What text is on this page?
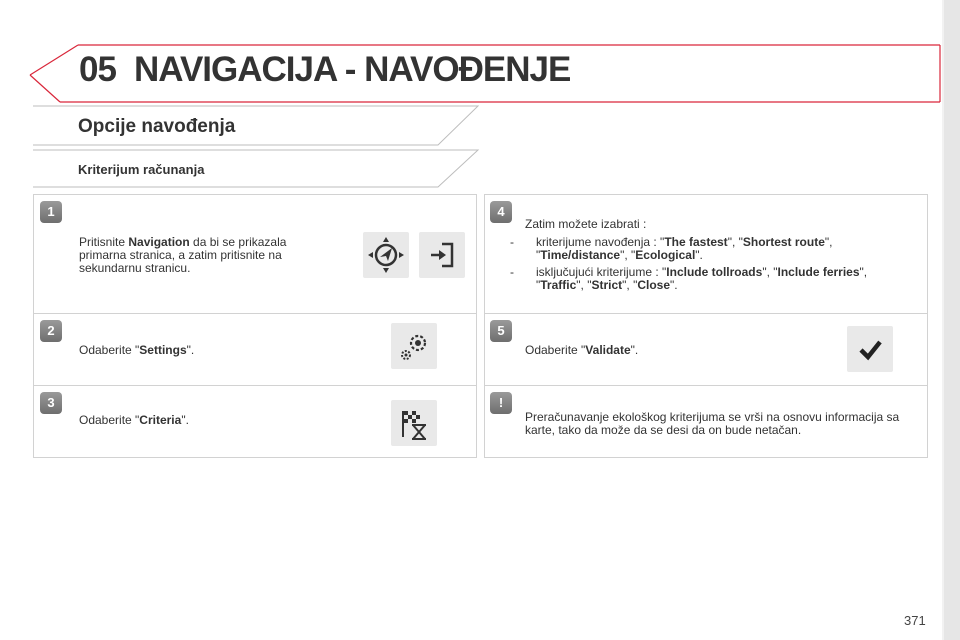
05 NAVIGACIJA - NAVOĐENJE
Opcije navođenja
Kriterijum računanja
1
Pritisnite Navigation da bi se prikazala primarna stranica, a zatim pritisnite na sekundarnu stranicu.
2
Odaberite "Settings".
3
Odaberite "Criteria".
4
Zatim možete izabrati :
- kriterijume navođenja : "The fastest", "Shortest route", "Time/distance", "Ecological".
- isključujući kriterijume : "Include tollroads", "Include ferries", "Traffic", "Strict", "Close".
5
Odaberite "Validate".
!
Preračunavanje ekološkog kriterijuma se vrši na osnovu informacija sa karte, tako da može da se desi da on bude netačan.
371
